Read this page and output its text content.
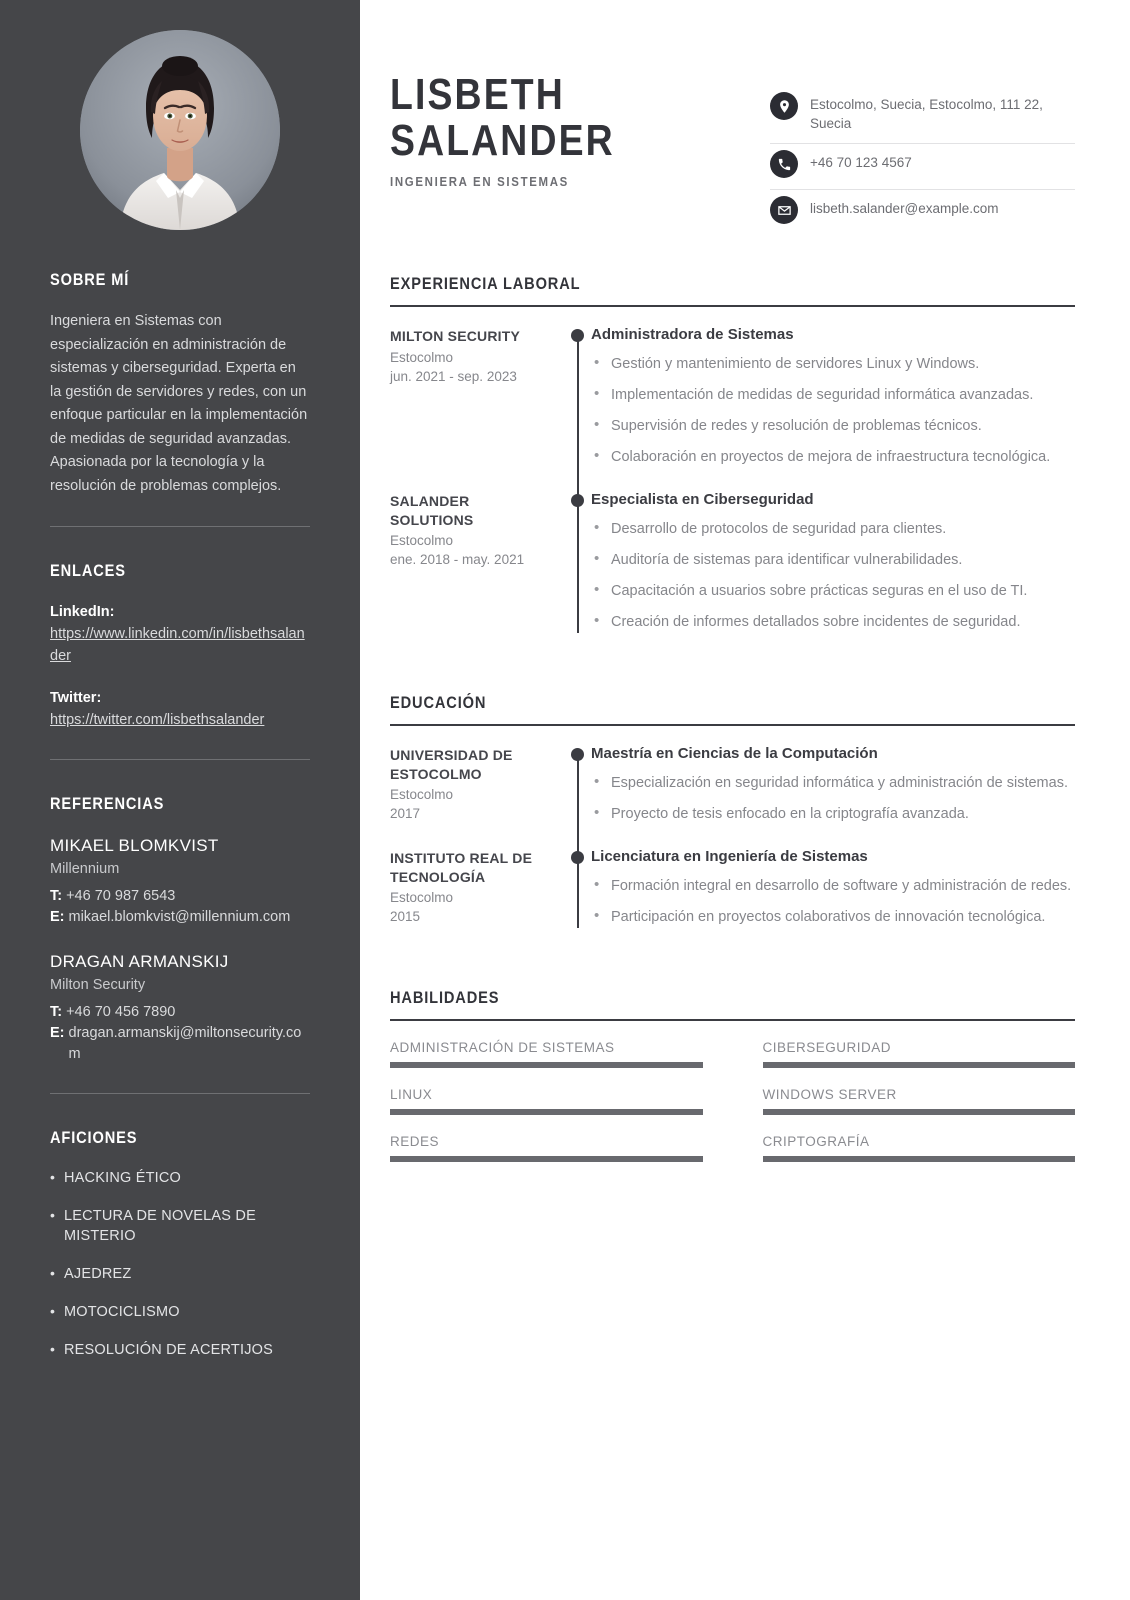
SOBRE MÍ
Ingeniera en Sistemas con especialización en administración de sistemas y ciberseguridad. Experta en la gestión de servidores y redes, con un enfoque particular en la implementación de medidas de seguridad avanzadas. Apasionada por la tecnología y la resolución de problemas complejos.
ENLACES
LinkedIn:
https://www.linkedin.com/in/lisbethsalander
Twitter:
https://twitter.com/lisbethsalander
REFERENCIAS
MIKAEL BLOMKVIST
Millennium
T: +46 70 987 6543
E: mikael.blomkvist@millennium.com
DRAGAN ARMANSKIJ
Milton Security
T: +46 70 456 7890
E: dragan.armanskij@miltonsecurity.com
AFICIONES
• HACKING ÉTICO
• LECTURA DE NOVELAS DE MISTERIO
• AJEDREZ
• MOTOCICLISMO
• RESOLUCIÓN DE ACERTIJOS
LISBETH
SALANDER
INGENIERA EN SISTEMAS
Estocolmo, Suecia, Estocolmo, 111 22, Suecia
+46 70 123 4567
lisbeth.salander@example.com
EXPERIENCIA LABORAL
MILTON SECURITY
Estocolmo
jun. 2021 - sep. 2023
Administradora de Sistemas
• Gestión y mantenimiento de servidores Linux y Windows.
• Implementación de medidas de seguridad informática avanzadas.
• Supervisión de redes y resolución de problemas técnicos.
• Colaboración en proyectos de mejora de infraestructura tecnológica.
SALANDER SOLUTIONS
Estocolmo
ene. 2018 - may. 2021
Especialista en Ciberseguridad
• Desarrollo de protocolos de seguridad para clientes.
• Auditoría de sistemas para identificar vulnerabilidades.
• Capacitación a usuarios sobre prácticas seguras en el uso de TI.
• Creación de informes detallados sobre incidentes de seguridad.
EDUCACIÓN
UNIVERSIDAD DE ESTOCOLMO
Estocolmo
2017
Maestría en Ciencias de la Computación
• Especialización en seguridad informática y administración de sistemas.
• Proyecto de tesis enfocado en la criptografía avanzada.
INSTITUTO REAL DE TECNOLOGÍA
Estocolmo
2015
Licenciatura en Ingeniería de Sistemas
• Formación integral en desarrollo de software y administración de redes.
• Participación en proyectos colaborativos de innovación tecnológica.
HABILIDADES
ADMINISTRACIÓN DE SISTEMAS	CIBERSEGURIDAD
LINUX	WINDOWS SERVER
REDES	CRIPTOGRAFÍA
